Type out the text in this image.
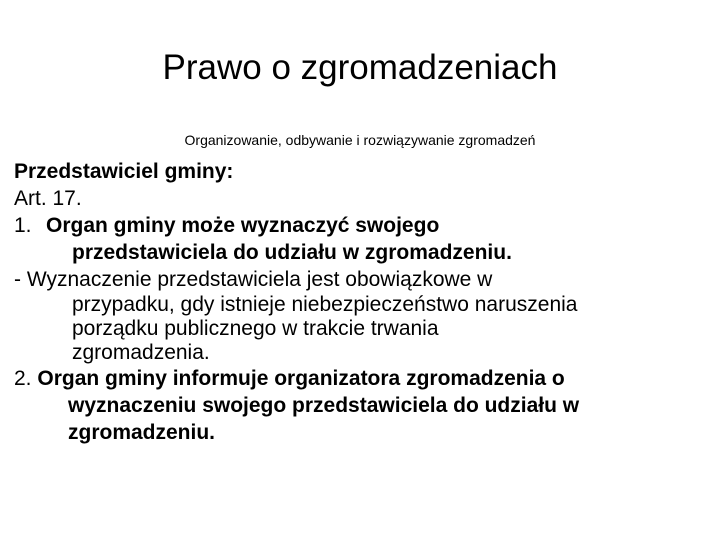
Prawo o zgromadzeniach
Organizowanie, odbywanie i rozwiązywanie zgromadzeń
Przedstawiciel gminy:
Art. 17.
1. Organ gminy może wyznaczyć swojego
przedstawiciela do udziału w zgromadzeniu.
- Wyznaczenie przedstawiciela jest obowiązkowe w
przypadku, gdy istnieje niebezpieczeństwo naruszenia
porządku publicznego w trakcie trwania
zgromadzenia.
2. Organ gminy informuje organizatora zgromadzenia o
wyznaczeniu swojego przedstawiciela do udziału w
zgromadzeniu.
